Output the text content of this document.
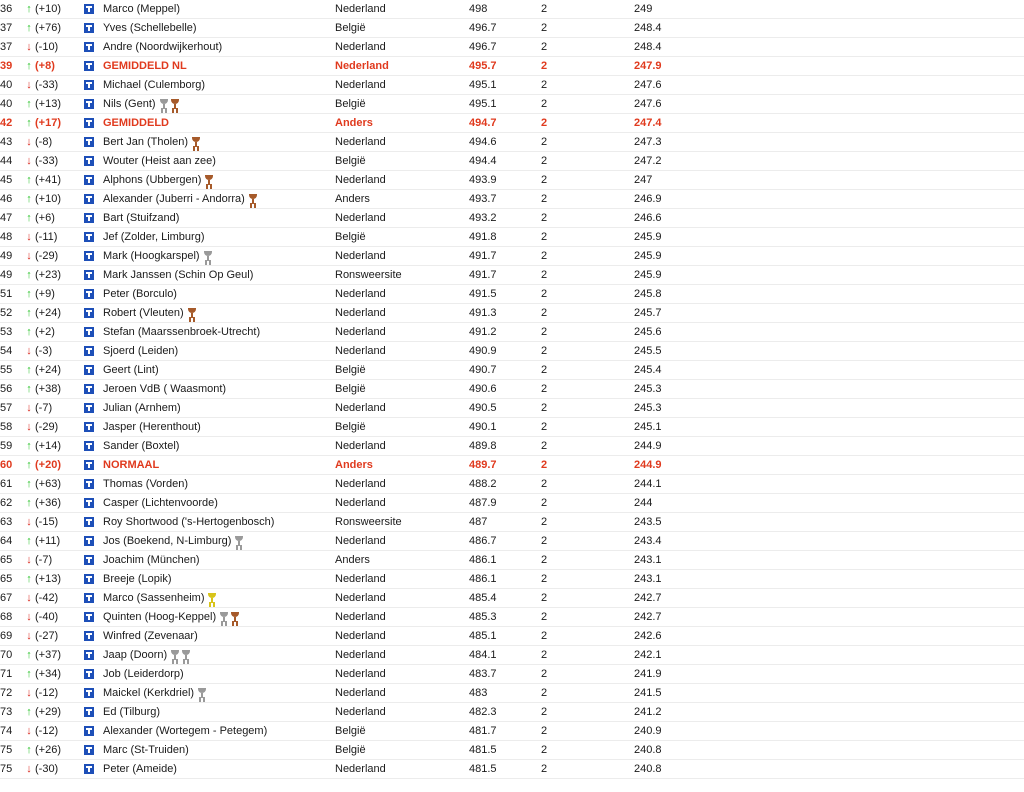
36	↑ (+10)		Marco (Meppel)	Nederland	498	2	249
37	↑ (+76)		Yves (Schellebelle)	België	496.7	2	248.4
37	↓ (-10)		Andre (Noordwijkerhout)	Nederland	496.7	2	248.4
39	↑ (+8)		GEMIDDELD NL	Nederland	495.7	2	247.9
40	↓ (-33)		Michael (Culemborg)	Nederland	495.1	2	247.6
40	↑ (+13)		Nils (Gent)	België	495.1	2	247.6
42	↑ (+17)		GEMIDDELD	Anders	494.7	2	247.4
43	↓ (-8)		Bert Jan (Tholen)	Nederland	494.6	2	247.3
44	↓ (-33)		Wouter (Heist aan zee)	België	494.4	2	247.2
45	↑ (+41)		Alphons (Ubbergen)	Nederland	493.9	2	247
46	↑ (+10)		Alexander (Juberri - Andorra)	Anders	493.7	2	246.9
47	↑ (+6)		Bart (Stuifzand)	Nederland	493.2	2	246.6
48	↓ (-11)		Jef (Zolder, Limburg)	België	491.8	2	245.9
49	↓ (-29)		Mark (Hoogkarspel)	Nederland	491.7	2	245.9
49	↑ (+23)		Mark Janssen (Schin Op Geul)	Ronsweersite	491.7	2	245.9
51	↑ (+9)		Peter (Borculo)	Nederland	491.5	2	245.8
52	↑ (+24)		Robert (Vleuten)	Nederland	491.3	2	245.7
53	↑ (+2)		Stefan (Maarssenbroek-Utrecht)	Nederland	491.2	2	245.6
54	↓ (-3)		Sjoerd (Leiden)	Nederland	490.9	2	245.5
55	↑ (+24)		Geert (Lint)	België	490.7	2	245.4
56	↑ (+38)		Jeroen VdB ( Waasmont)	België	490.6	2	245.3
57	↓ (-7)		Julian (Arnhem)	Nederland	490.5	2	245.3
58	↓ (-29)		Jasper (Herenthout)	België	490.1	2	245.1
59	↑ (+14)		Sander (Boxtel)	Nederland	489.8	2	244.9
60	↑ (+20)		NORMAAL	Anders	489.7	2	244.9
61	↑ (+63)		Thomas (Vorden)	Nederland	488.2	2	244.1
62	↑ (+36)		Casper (Lichtenvoorde)	Nederland	487.9	2	244
63	↓ (-15)		Roy Shortwood ('s-Hertogenbosch)	Ronsweersite	487	2	243.5
64	↑ (+11)		Jos (Boekend, N-Limburg)	Nederland	486.7	2	243.4
65	↓ (-7)		Joachim (München)	Anders	486.1	2	243.1
65	↑ (+13)		Breeje (Lopik)	Nederland	486.1	2	243.1
67	↓ (-42)		Marco (Sassenheim)	Nederland	485.4	2	242.7
68	↓ (-40)		Quinten (Hoog-Keppel)	Nederland	485.3	2	242.7
69	↓ (-27)		Winfred (Zevenaar)	Nederland	485.1	2	242.6
70	↑ (+37)		Jaap (Doorn)	Nederland	484.1	2	242.1
71	↑ (+34)		Job (Leiderdorp)	Nederland	483.7	2	241.9
72	↓ (-12)		Maickel (Kerkdriel)	Nederland	483	2	241.5
73	↑ (+29)		Ed (Tilburg)	Nederland	482.3	2	241.2
74	↓ (-12)		Alexander (Wortegem - Petegem)	België	481.7	2	240.9
75	↑ (+26)		Marc (St-Truiden)	België	481.5	2	240.8
75	↓ (-30)		Peter (Ameide)	Nederland	481.5	2	240.8
